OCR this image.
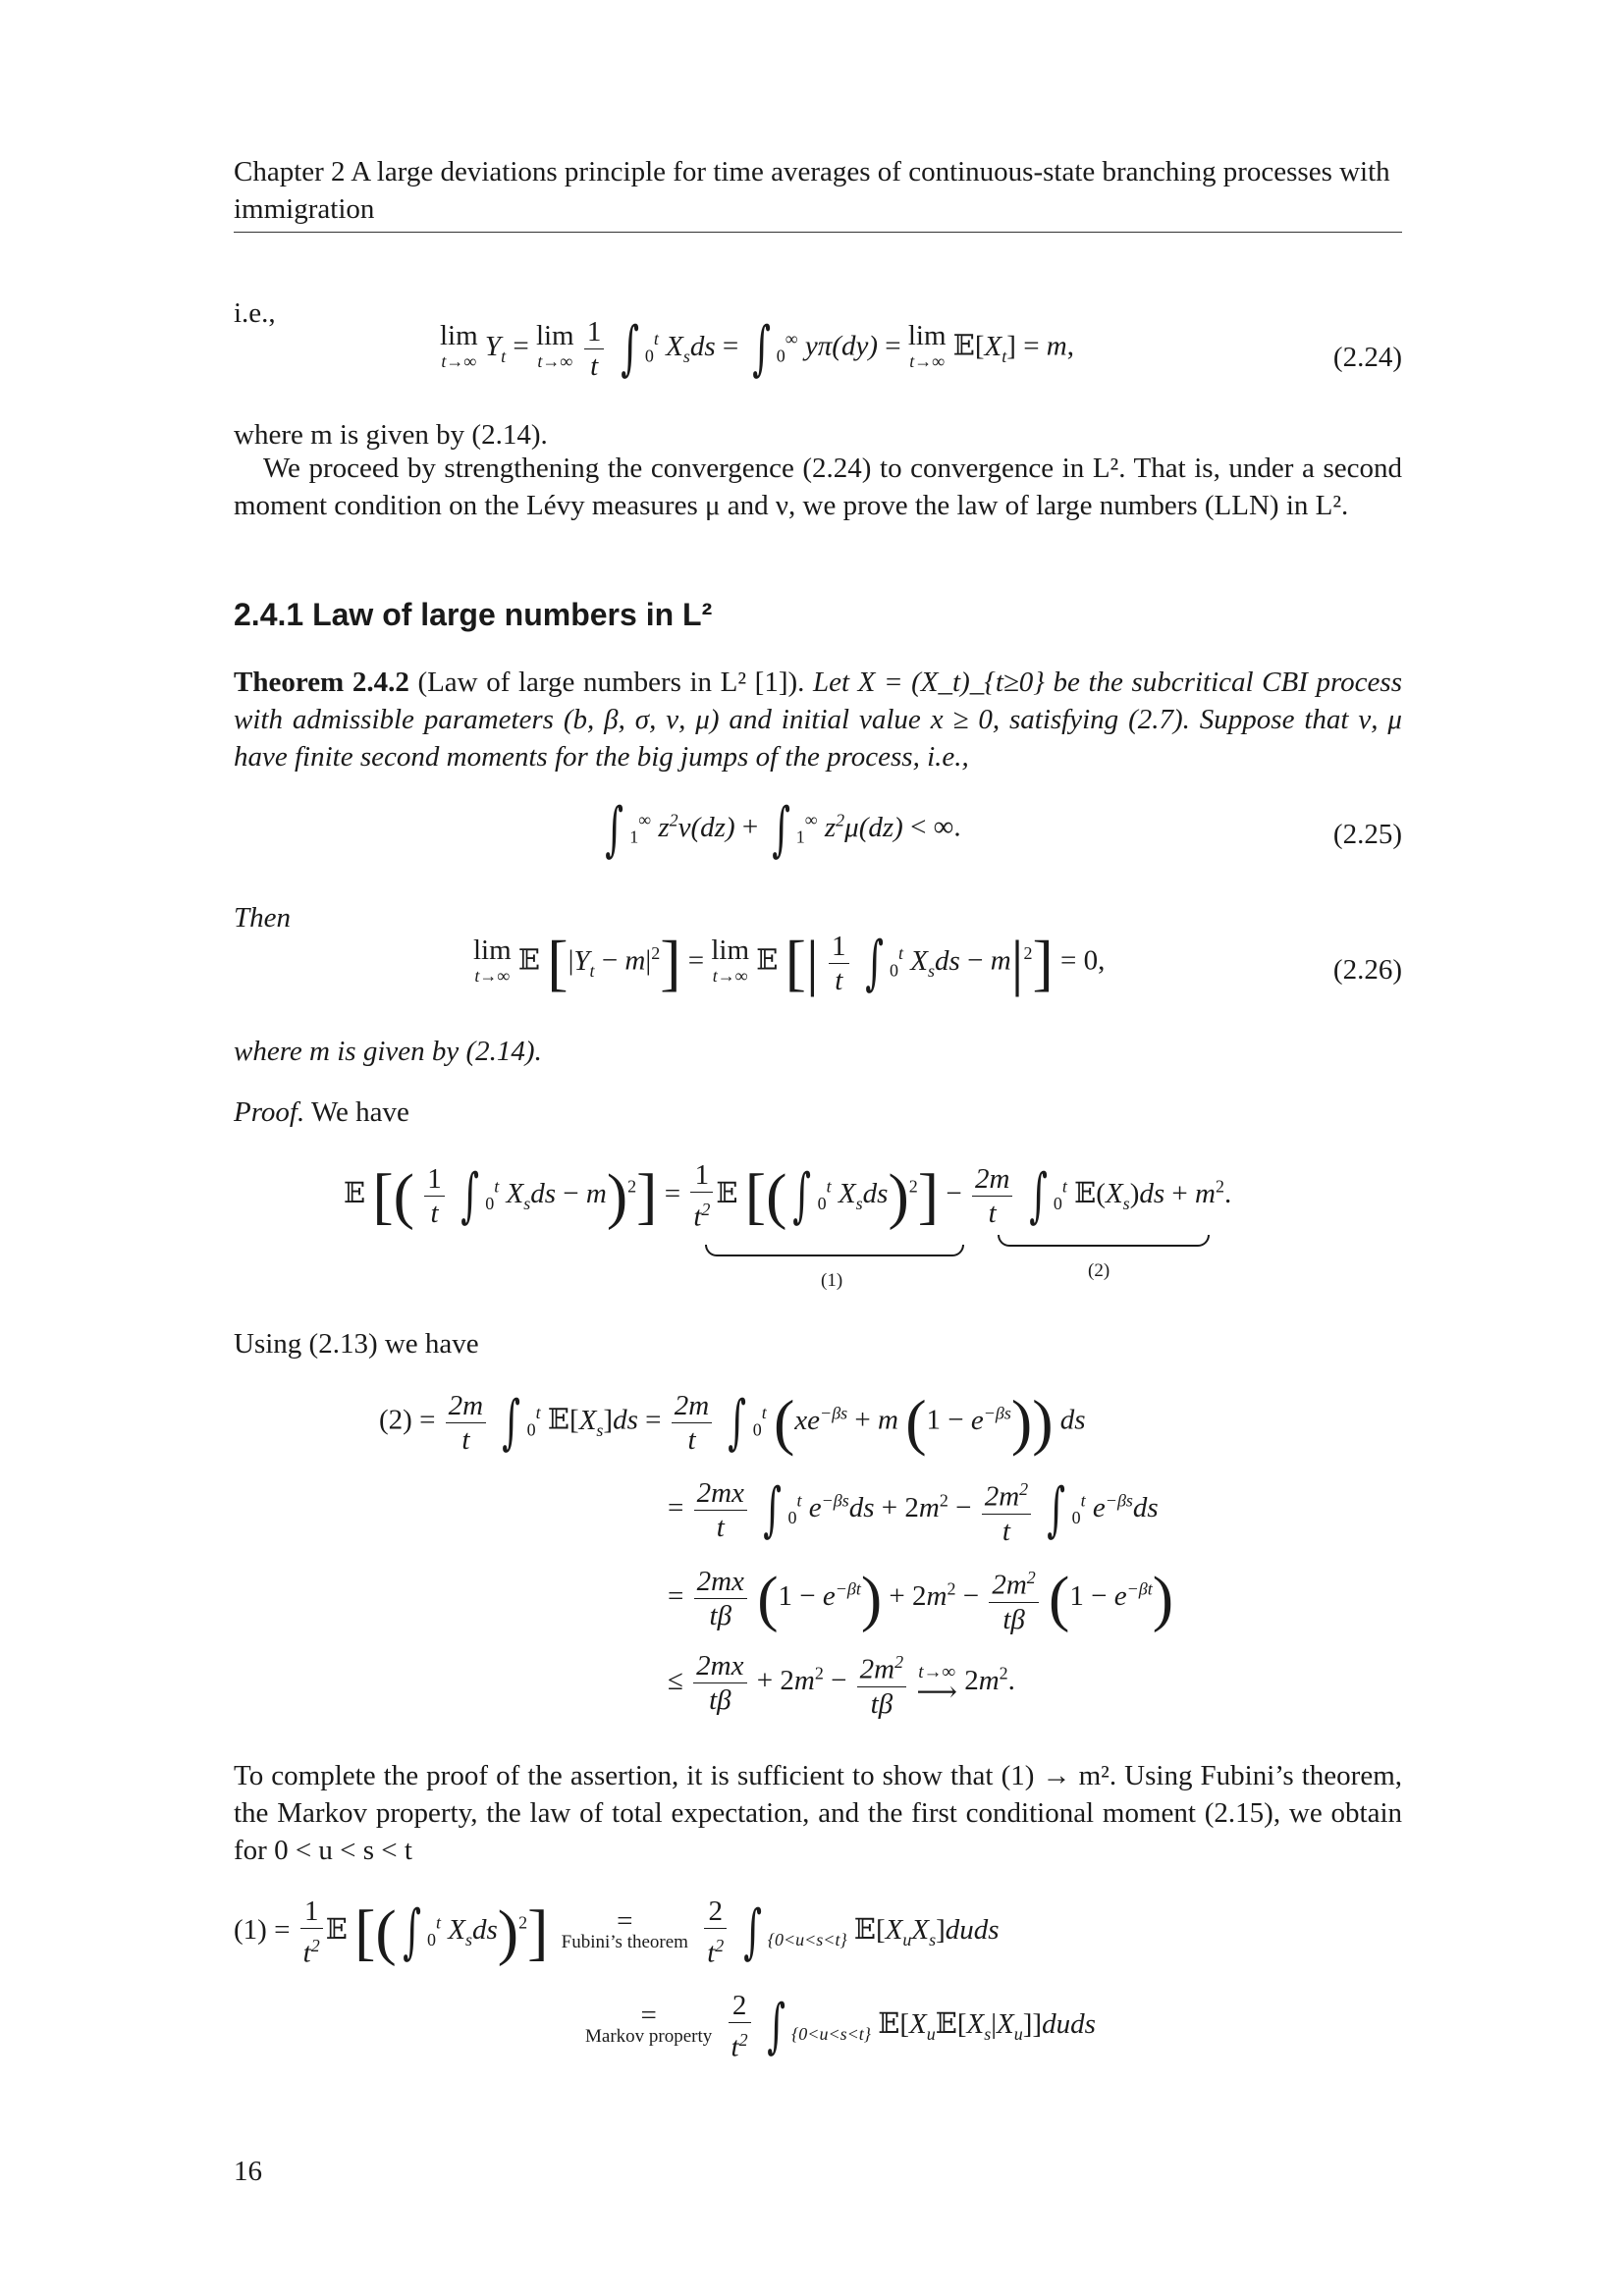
Chapter 2 A large deviations principle for time averages of continuous-state branching processes with immigration
i.e.,
lim
t→∞ $Y_t = \lim$
t→∞
$\frac{1}{t}$ ∫ $_0^t$ $X_sds$ = ∫ $_0$∞ yπ(dy) = lim
t→∞ $𝔼[X_t] = m$,	(2.24)
where m is given by (2.14).
We proceed by strengthening the convergence (2.24) to convergence in L². That is, under a second moment condition on the Lévy measures μ and ν, we prove the law of large numbers (LLN) in L².
2.4.1 Law of large numbers in L²
Theorem 2.4.2 (Law of large numbers in L² [1]). Let X = (X_t)_{t≥0} be the subcritical CBI process with admissible parameters (b, β, σ, ν, μ) and initial value x ≥ 0, satisfying (2.7). Suppose that ν, μ have finite second moments for the big jumps of the process, i.e.,
∫ $_1$∞ $z^2\nu(dz)$ + ∫ $_1$∞ $z^2\mu(dz)$ < ∞.	(2.25)
Then
lim
t→∞ 𝔼 $[|Y_t - m|^2] = \lim$
t→∞ 𝔼 [| $\frac{1}{t}$ ∫ $_0^t$ $X_sds - m|^2] = 0$,	(2.26)
where m is given by (2.14).
Proof. We have
𝔼 [( $\frac{1}{t}$ ∫ $_0^t$ $X_sds - m)^2] = \frac{1}{t^2}$ 𝔼 [( ∫ $_0^t$ $X_sds)^2] - \frac{2m}{t}$ ∫ $_0^t$ $𝔼(X_s)ds + m^2$.
(1)	(2)
Using (2.13) we have
$(2) = \frac{2m}{t}$ ∫ $_0^t$ $𝔼[X_s]ds = \frac{2m}{t}$ ∫ $_0^t$ ($xe^{-\beta s} + m$ $(1 - e^{-\beta s})$) ds
= $\frac{2mx}{t}$ ∫ $_0^t$ $e^{-\beta s}ds + 2m^2 - \frac{2m^2}{t}$ ∫ $_0^t$ $e^{-\beta s}ds$
= $\frac{2mx}{t\beta} (1 - e^{-\beta t}) + 2m^2 - \frac{2m^2}{t\beta} (1 - e^{-\beta t})$
≤ $\frac{2mx}{t\beta} + 2m^2 - \frac{2m^2}{t\beta}$
t→∞
⟶ $2m^2$.
To complete the proof of the assertion, it is sufficient to show that (1) → m². Using Fubini’s theorem, the Markov property, the law of total expectation, and the first conditional moment (2.15), we obtain for 0 < u < s < t
$(1) = \frac{1}{t^2}$ 𝔼 [( ∫ $_0^t$ $X_sds)^2$] =
Fubini’s theorem
$\frac{2}{t^2}$ ∫ $_{\{0<u<s<t\}}$ $𝔼[X_uX_s]duds$
=
Markov property
$\frac{2}{t^2}$ ∫ $_{\{0<u<s<t\}}$ $𝔼[X_u𝔼[X_s|X_u]]duds$
16
